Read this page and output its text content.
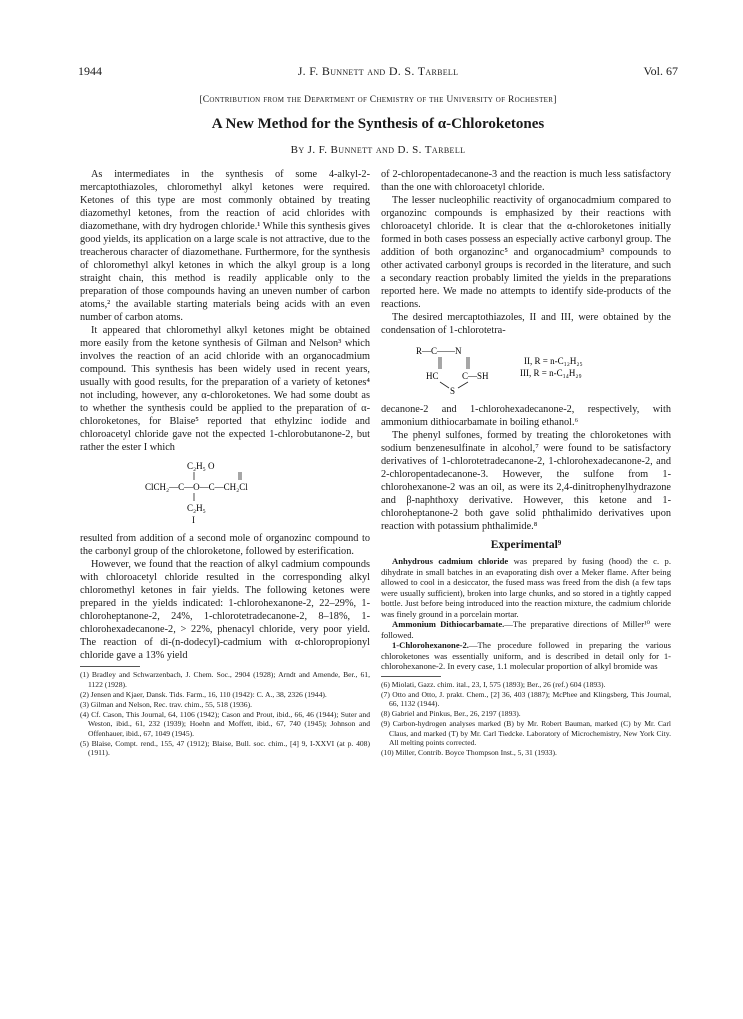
1944	J. F. Bunnett and D. S. Tarbell	Vol. 67
[Contribution from the Department of Chemistry of the University of Rochester]
A New Method for the Synthesis of α-Chloroketones
By J. F. Bunnett and D. S. Tarbell

As intermediates in the synthesis of some 4-alkyl-2-mercaptothiazoles, chloromethyl alkyl ketones were required. Ketones of this type are most commonly obtained by treating diazomethyl ketones, from the reaction of acid chlorides with diazomethane, with dry hydrogen chloride.¹ While this synthesis gives good yields, its application on a large scale is not attractive, due to the treacherous character of diazomethane. Furthermore, for the synthesis of chloromethyl alkyl ketones in which the alkyl group is a long straight chain, this method is readily applicable only to the preparation of those compounds having an uneven number of carbon atoms,² the available starting materials being acids with an even number of carbon atoms.

It appeared that chloromethyl alkyl ketones might be obtained more easily from the ketone synthesis of Gilman and Nelson³ which involves the reaction of an acid chloride with an organocadmium compound. This synthesis has been widely used in recent years, usually with good results, for the preparation of a variety of ketones⁴ not including, however, any α-chloroketones. We had some doubt as to whether the synthesis could be applied to the preparation of α-chloroketones, for Blaise⁵ reported that ethylzinc iodide and chloroacetyl chloride gave not the expected 1-chlorobutanone-2, but rather the ester I which

C₂H₅ O
ClCH₂—C—O—C—CH₂Cl
C₂H₅
I

resulted from addition of a second mole of organozinc compound to the carbonyl group of the chloroketone, followed by esterification.

However, we found that the reaction of alkyl cadmium compounds with chloroacetyl chloride resulted in the corresponding alkyl chloromethyl ketones in fair yields. The following ketones were prepared in the yields indicated: 1-chlorohexanone-2, 22–29%, 1-chloroheptanone-2, 24%, 1-chlorotetradecanone-2, 8–18%, 1-chlorohexadecanone-2, > 22%, phenacyl chloride, very poor yield. The reaction of di-(n-dodecyl)-cadmium with α-chloropropionyl chloride gave a 13% yield

(1) Bradley and Schwarzenbach, J. Chem. Soc., 2904 (1928); Arndt and Amende, Ber., 61, 1122 (1928).
(2) Jensen and Kjaer, Dansk. Tids. Farm., 16, 110 (1942): C. A., 38, 2326 (1944).
(3) Gilman and Nelson, Rec. trav. chim., 55, 518 (1936).
(4) Cf. Cason, This Journal, 64, 1106 (1942); Cason and Prout, ibid., 66, 46 (1944); Suter and Weston, ibid., 61, 232 (1939); Hoehn and Moffett, ibid., 67, 740 (1945); Johnson and Offenhauer, ibid., 67, 1049 (1945).
(5) Blaise, Compt. rend., 155, 47 (1912); Blaise, Bull. soc. chim., [4] 9, I-XXVI (at p. 408) (1911).

of 2-chloropentadecanone-3 and the reaction is much less satisfactory than the one with chloroacetyl chloride.

The lesser nucleophilic reactivity of organocadmium compared to organozinc compounds is emphasized by their reactions with chloroacetyl chloride. It is clear that the α-chloroketones initially formed in both cases possess an especially active carbonyl group. The addition of both organozinc⁵ and organocadmium³ compounds to other activated carbonyl groups is recorded in the literature, and such a secondary reaction probably limited the yields in the preparations reported here. We made no attempts to identify side-products of the reactions.

The desired mercaptothiazoles, II and III, were obtained by the condensation of 1-chlorotetra-

R—C——N
HC	C—SH
S
II, R = n-C₁₂H₂₅
III, R = n-C₁₄H₂₉

decanone-2 and 1-chlorohexadecanone-2, respectively, with ammonium dithiocarbamate in boiling ethanol.⁶

The phenyl sulfones, formed by treating the chloroketones with sodium benzenesulfinate in alcohol,⁷ were found to be satisfactory derivatives of 1-chlorotetradecanone-2, 1-chlorohexadecanone-2, and 2-chloropentadecanone-3. However, the sulfone from 1-chlorohexanone-2 was an oil, as were its 2,4-dinitrophenylhydrazone and β-naphthoxy derivative. However, this ketone and 1-chloroheptanone-2 both gave solid phthalimido derivatives upon reaction with potassium phthalimide.⁸

Experimental⁹

Anhydrous cadmium chloride was prepared by fusing (hood) the c. p. dihydrate in small batches in an evaporating dish over a Meker flame. After being allowed to cool in a desiccator, the fused mass was freed from the dish (a few taps were usually sufficient), broken into large chunks, and so stored in a tightly capped bottle. Just before being introduced into the reaction mixture, the cadmium chloride was finely ground in a porcelain mortar.

Ammonium Dithiocarbamate.—The preparative directions of Miller¹⁰ were followed.

1-Chlorohexanone-2.—The procedure followed in preparing the various chloroketones was essentially uniform, and is described in detail only for 1-chlorohexanone-2. In every case, 1.1 molecular proportion of alkyl bromide was

(6) Miolati, Gazz. chim. ital., 23, I, 575 (1893); Ber., 26 (ref.) 604 (1893).
(7) Otto and Otto, J. prakt. Chem., [2] 36, 403 (1887); McPhee and Klingsberg, This Journal, 66, 1132 (1944).
(8) Gabriel and Pinkus, Ber., 26, 2197 (1893).
(9) Carbon-hydrogen analyses marked (B) by Mr. Robert Bauman, marked (C) by Mr. Carl Claus, and marked (T) by Mr. Carl Tiedcke. Laboratory of Microchemistry, New York City. All melting points corrected.
(10) Miller, Contrib. Boyce Thompson Inst., 5, 31 (1933).
